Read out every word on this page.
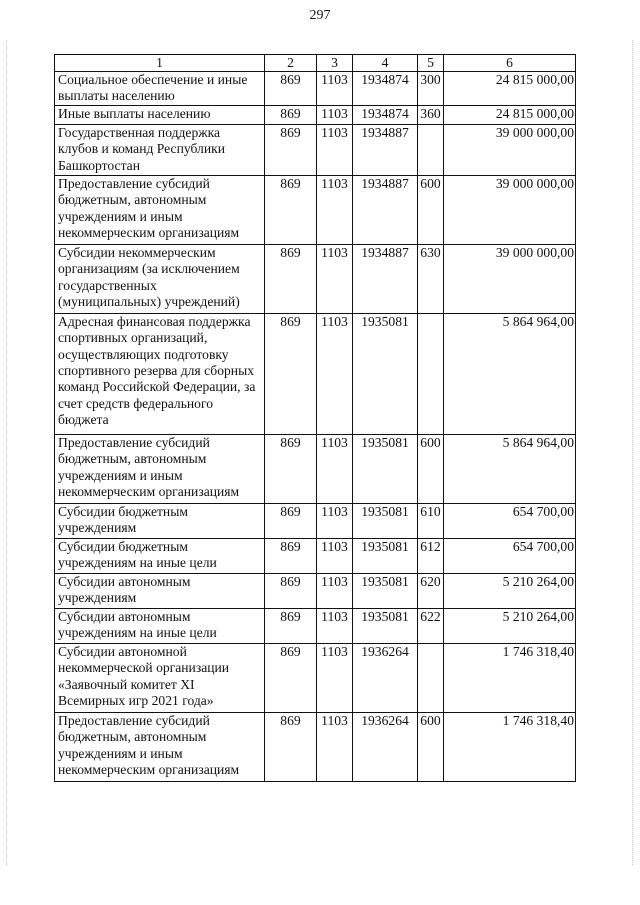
297
1	2	3	4	5	6
Социальное обеспечение и иные выплаты населению	869	1103	1934874	300	24 815 000,00
Иные выплаты населению	869	1103	1934874	360	24 815 000,00
Государственная поддержка клубов и команд Республики Башкортостан	869	1103	1934887		39 000 000,00
Предоставление субсидий бюджетным, автономным учреждениям и иным некоммерческим организациям	869	1103	1934887	600	39 000 000,00
Субсидии некоммерческим организациям (за исключением государственных (муниципальных) учреждений)	869	1103	1934887	630	39 000 000,00
Адресная финансовая поддержка спортивных организаций, осуществляющих подготовку спортивного резерва для сборных команд Российской Федерации, за счет средств федерального бюджета	869	1103	1935081		5 864 964,00
Предоставление субсидий бюджетным, автономным учреждениям и иным некоммерческим организациям	869	1103	1935081	600	5 864 964,00
Субсидии бюджетным учреждениям	869	1103	1935081	610	654 700,00
Субсидии бюджетным учреждениям на иные цели	869	1103	1935081	612	654 700,00
Субсидии автономным учреждениям	869	1103	1935081	620	5 210 264,00
Субсидии автономным учреждениям на иные цели	869	1103	1935081	622	5 210 264,00
Субсидии автономной некоммерческой организации «Заявочный комитет XI Всемирных игр 2021 года»	869	1103	1936264		1 746 318,40
Предоставление субсидий бюджетным, автономным учреждениям и иным некоммерческим организациям	869	1103	1936264	600	1 746 318,40
